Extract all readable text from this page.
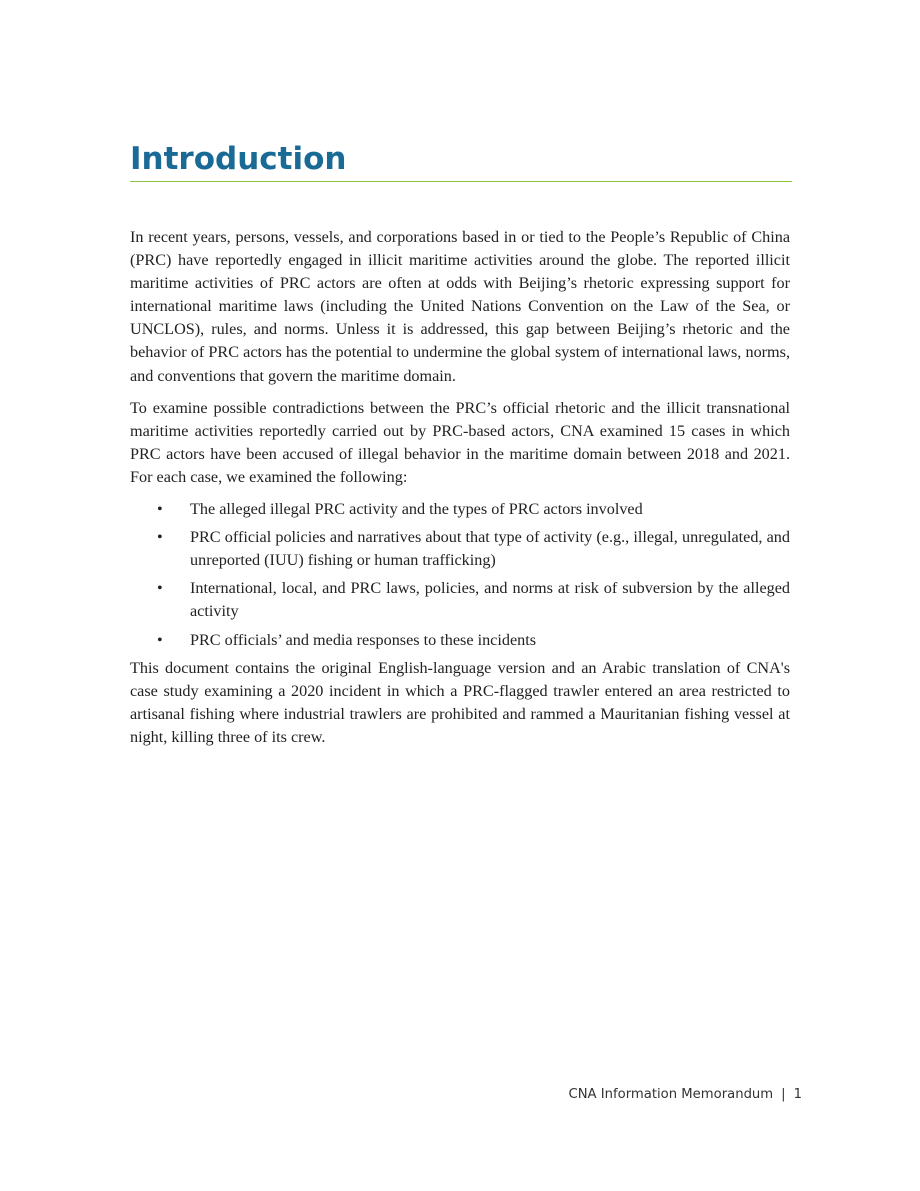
Introduction

In recent years, persons, vessels, and corporations based in or tied to the People’s Republic of China (PRC) have reportedly engaged in illicit maritime activities around the globe. The reported illicit maritime activities of PRC actors are often at odds with Beijing’s rhetoric expressing support for international maritime laws (including the United Nations Convention on the Law of the Sea, or UNCLOS), rules, and norms. Unless it is addressed, this gap between Beijing’s rhetoric and the behavior of PRC actors has the potential to undermine the global system of international laws, norms, and conventions that govern the maritime domain.

To examine possible contradictions between the PRC’s official rhetoric and the illicit transnational maritime activities reportedly carried out by PRC-based actors, CNA examined 15 cases in which PRC actors have been accused of illegal behavior in the maritime domain between 2018 and 2021. For each case, we examined the following:

• The alleged illegal PRC activity and the types of PRC actors involved
• PRC official policies and narratives about that type of activity (e.g., illegal, unregulated, and unreported (IUU) fishing or human trafficking)
• International, local, and PRC laws, policies, and norms at risk of subversion by the alleged activity
• PRC officials’ and media responses to these incidents

This document contains the original English-language version and an Arabic translation of CNA's case study examining a 2020 incident in which a PRC-flagged trawler entered an area restricted to artisanal fishing where industrial trawlers are prohibited and rammed a Mauritanian fishing vessel at night, killing three of its crew.

CNA Information Memorandum | 1
